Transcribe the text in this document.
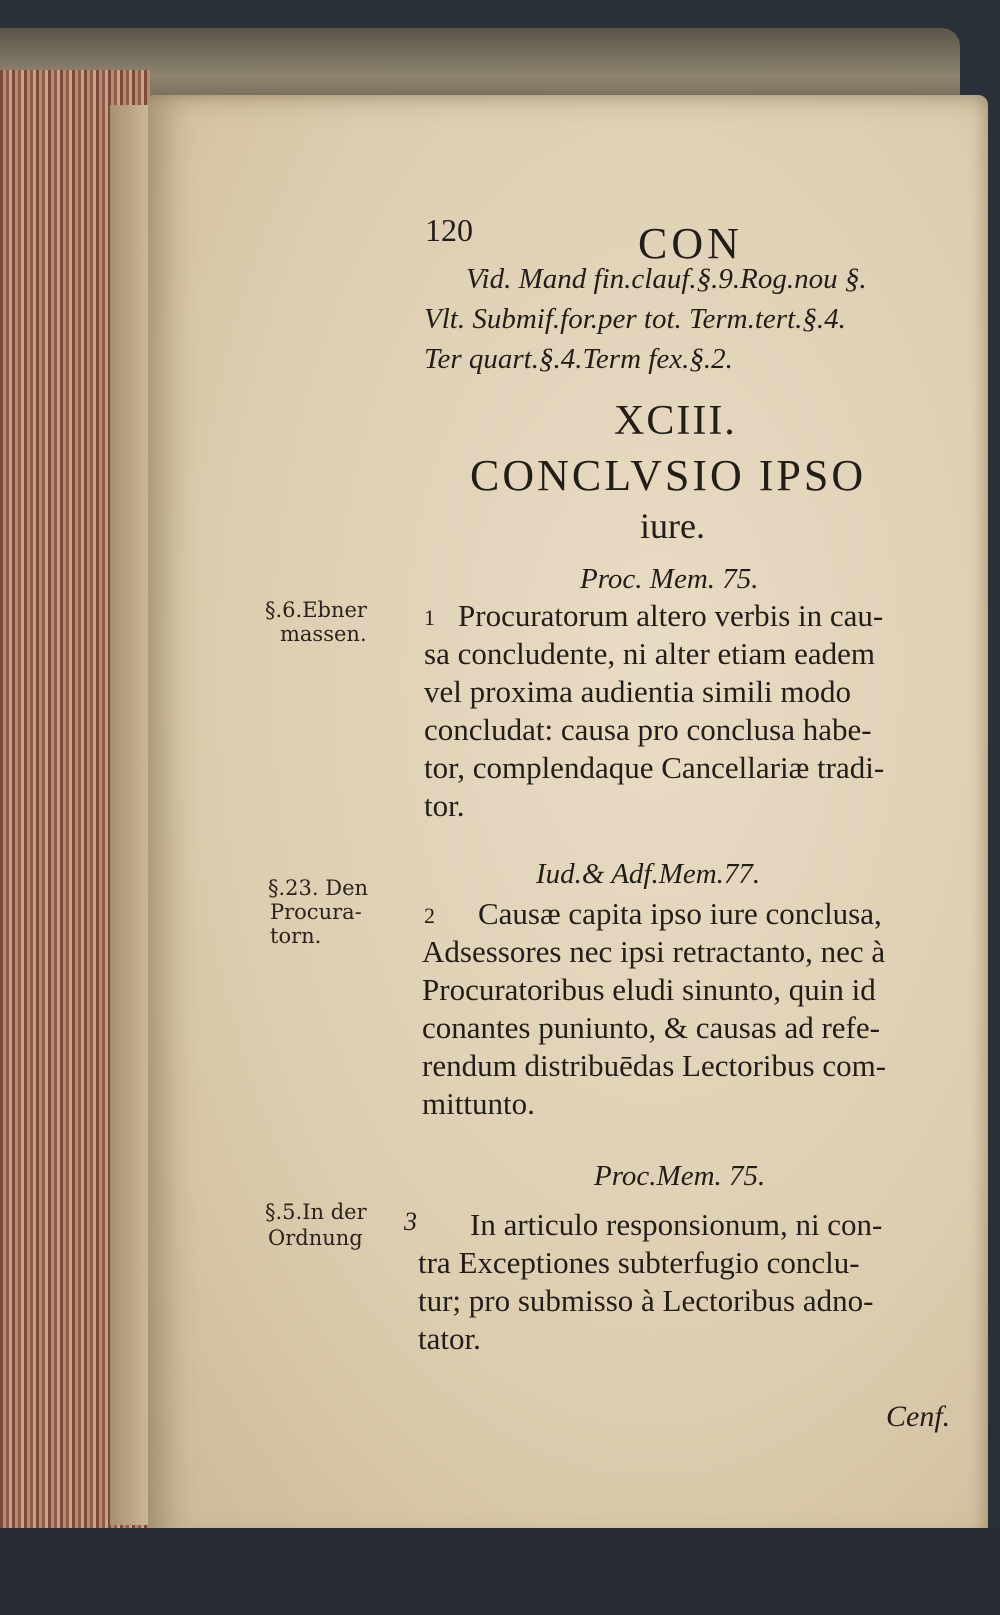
120	CON
Vid. Mand fin.clauf.§.9.Rog.nou §.
Vlt. Submif.for.per tot. Term.tert.§.4.
Ter quart.§.4.Term fex.§.2.
XCIII.
CONCLVSIO IPSO
iure.
Proc. Mem. 75.
§.6.Ebner
massen.
1 Procuratorum altero verbis in cau-
sa concludente, ni alter etiam eadem
vel proxima audientia simili modo
concludat: causa pro conclusa habe-
tor, complendaque Cancellariæ tradi-
tor.
Iud.& Adf.Mem.77.
§.23. Den
Procura-
torn.
2 Causæ capita ipso iure conclusa,
Adsessores nec ipsi retractanto, nec à
Procuratoribus eludi sinunto, quin id
conantes puniunto, & causas ad refe-
rendum distribuēdas Lectoribus com-
mittunto.
Proc.Mem. 75.
§.5.In der
Ordnung
3 In articulo responsionum, ni con-
tra Exceptiones subterfugio conclu-
tur; pro submisso à Lectoribus adno-
tator.
Cenf.
